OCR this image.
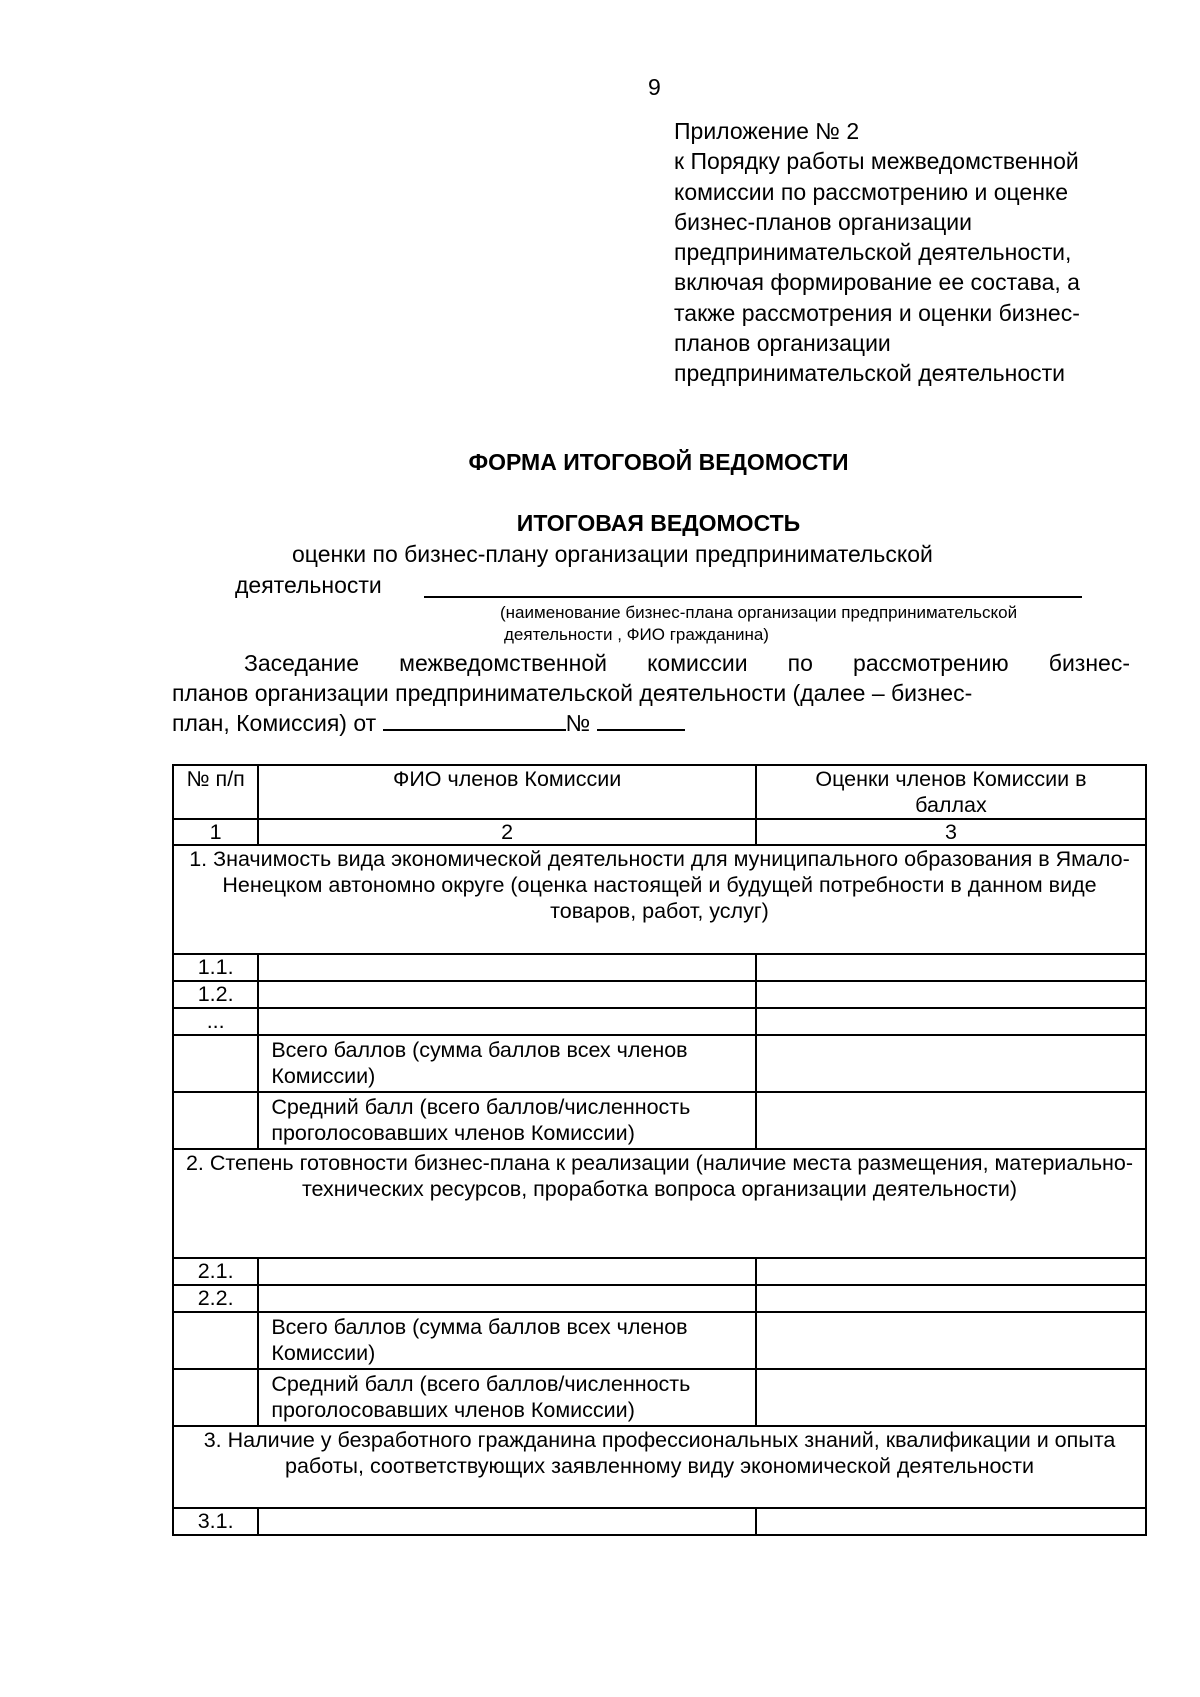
9
Приложение № 2
к Порядку работы межведомственной
комиссии по рассмотрению и оценке
бизнес-планов организации
предпринимательской деятельности,
включая формирование ее состава, а
также рассмотрения и оценки бизнес-
планов организации
предпринимательской деятельности
ФОРМА ИТОГОВОЙ ВЕДОМОСТИ
ИТОГОВАЯ ВЕДОМОСТЬ
оценки по бизнес-плану организации предпринимательской
деятельности
(наименование бизнес-плана организации предпринимательской
деятельности , ФИО гражданина)
Заседание межведомственной комиссии по рассмотрению бизнес-
планов организации предпринимательской деятельности (далее – бизнес-
план, Комиссия) от	№
№ п/п	ФИО членов Комиссии	Оценки членов Комиссии в баллах
1	2	3
1. Значимость вида экономической деятельности для муниципального образования в Ямало-Ненецком автономно округе (оценка настоящей и будущей потребности в данном виде товаров, работ, услуг)		
1.1.		
1.2.		
...		
	Всего баллов (сумма баллов всех членов Комиссии)	
	Средний балл (всего баллов/численность проголосовавших членов Комиссии)	
2. Степень готовности бизнес-плана к реализации (наличие места размещения, материально-технических ресурсов, проработка вопроса организации деятельности)		
2.1.		
2.2.		
	Всего баллов (сумма баллов всех членов Комиссии)	
	Средний балл (всего баллов/численность проголосовавших членов Комиссии)	
3. Наличие у безработного гражданина профессиональных знаний, квалификации и опыта работы, соответствующих заявленному виду экономической деятельности		
3.1.		
